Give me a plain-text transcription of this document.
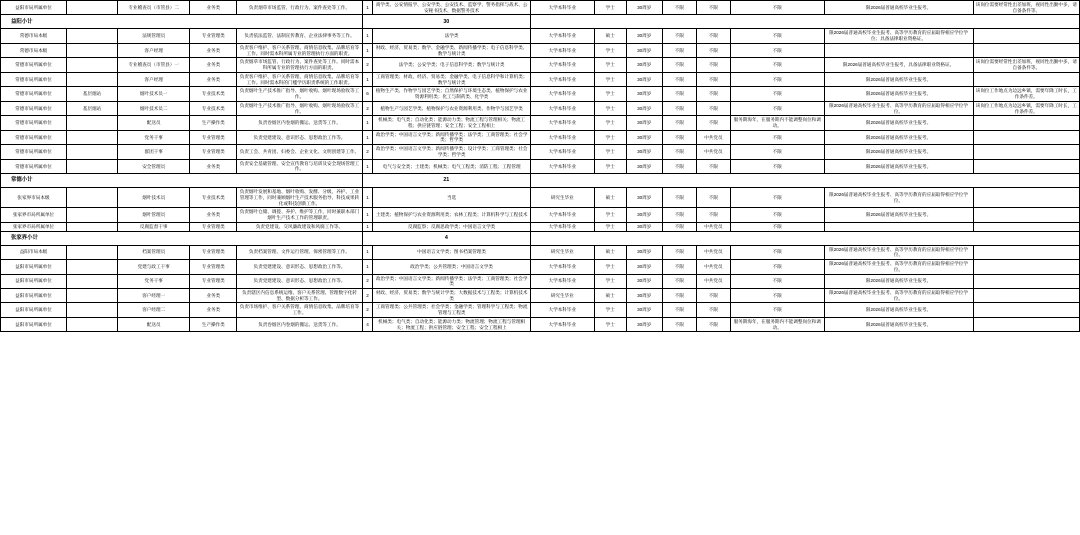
益阳市局所属单位		专业稽查员（市管县）二	业务类	负责烟草市场监管、行政行为、案件查处等工作。	1	商学类、公安情报学、公安学类、公安技术、监察学、警务指挥与战术、公安秘书技术、数据警务技术	大学本科毕业	学士	30周岁	不限	不限	不限	限2026届普通高校毕业生报考。	该岗位需要经常性出差加班，视同性出勤中多，请自备条件等。
益阳小计					30									
常德市局本级		法规管理员	专业管理类	负责依法监管、法制宣传教育、企业法律事务等工作。	1	法学类	大学本科毕业	硕士	30周岁	不限	不限	不限	限2026届普通高校毕业生报考、高等学历教育的应届取得相应学位学位；具备法律职业资格证。	
常德市局本级		客户经理	业务类	负责客户维护、客户关系管理、商情信息收集、品牌培育等工作。同时需本科所属专业的管理执行方面的职责。	1	财政、经济、贸易类；数学、金融学类、新闻传播学类；电子信息科学类、数学与统计类	大学本科毕业	学士	30周岁	不限	不限	不限		
常德市局所属单位		专业稽查员（市管县）一	业务类	负责烟草市场监管、行政行为、案件查处等工作。同时需本科所属专业的管理执行方面的职责。	2	法学类；公安学类；电子信息科学类；数学与统计类	大学本科毕业	学士	30周岁	不限	不限	不限	限2026届普通高校毕业生报考，具备法律职业资格证。	该岗位需要经常性出差加班，视同性出勤中多，请自备条件等。
常德市局所属单位		客户经理	业务类	负责客户维护、客户关系管理、商情信息收集、品牌培育等工作。同时需本科的门槛学历职责系统的工作职责。	1	工商管理类；材政、经济、贸易类；金融学类、电子信息科学和计算机类；数学与统计类	大学本科毕业	学士	30周岁	不限	不限	不限	限2026届普通高校毕业生报考。	
常德市局所属单位	基层烟站	烟叶技术员一	专业技术类	负责烟叶生产技术推广指导、烟叶收购、烟叶现场验收等工作。	6	植物生产类、作物学与园艺学类；自然保护与环境生态类、植物保护与农业资源利用类；化工与制药类、化学类	大学本科毕业	学士	30周岁	不限	不限	不限	限2026届普通高校毕业生报考。	该岗位工作地点为边远乡镇，需要年降工时长，工作条件差。
常德市局所属单位	基层烟站	烟叶技术员二	专业技术类	负责烟叶生产技术推广指导、烟叶收购、烟叶现场验收等工作。	2	植物生产与园艺学类、植物保护与农业资源利用类、作物学与园艺学类	大学本科毕业	学士	30周岁	不限	不限	不限	限2026届普通高校毕业生报考、高等学历教育的应届取得相应学位学位。	该岗位工作地点为边远乡镇，需要年降工时长，工作条件差。
常德市局所属单位		配送员	生产操作类	负责卷烟区内卷烟的搬运、送货等工作。	1	机械类；电气类；自动化类；能源动力类；物流工程与管理相关；物流工程；供应链管理；安全工程；安全工程相上	大学本科毕业	学士	30周岁	不限	不限	服务期海年，在服务期内不能调整岗位和调动。	限2026届普通高校毕业生报考。	
常德市局所属单位		党务干事	专业管理类	负责党建建设、意识形态、思想政治工作等。	1	政治学类；中国语言文学类；新闻传播学类；法学类；工商管理类；社会学类；哲学类	大学本科毕业	学士	30周岁	不限	中共党员	不限	限2026届普通高校毕业生报考。	
常德市局所属单位		群团干事	专业管理类	负责工会、共青团、妇委会、企业文化、文明创建等工作。	2	政治学类；中国语言文学类；新闻传播学类；设计学类；工商管理类；社会学类；哲学类	大学本科毕业	学士	30周岁	不限	中共党员	不限	限2026届普通高校毕业生报考。	
常德市局所属单位		安全管理员	业务类	负责安全基础管理、安全宣传教育与培训及安全现场管理工作。	1	电气与安全类；土建类；机械类；电气工程类；消防工程；工程管理	大学本科毕业	学士	30周岁	不限	不限	不限	限2026届普通高校毕业生报考。	
常德小计					21									
张家界市局本级		烟叶技术员	专业技术类	负责烟叶发展和基地、烟叶收购、发酵、分级、养护、工业管理等工作，同时兼顾烟叶生产技术服务指导、科技成果转化或科技创新工作。	1	当选	研究生毕业	硕士	30周岁	不限	不限	不限	限2026届普通高校毕业生报考、高等学历教育的应届取得相应学位学位。	
张家界市局所属单位		烟叶管理员	业务类	负责烟叶仓储、调拨、养护、维护等工作，同时兼职本部门烟叶生产技术工作的管理职责。	1	土建类；植物保护与农业资源利用类；农林工程类；计算机科学与工程技术	大学本科毕业	学士	30周岁	不限	不限	不限	限2026届普通高校毕业生报考。	
张家界市局所属单位		反腐监督干事	专业管理类	负责党建设、交风廉政建设和风腐工作等。	1	反腐监察；反腐思政学类；中国语言文学类	大学本科毕业	学士	30周岁	不限	中共党员	不限		
张家界小计					4									
益阳市局本级		档案管理员	专业管理类	负责档案管理、文件运行管理、保密管理等工作。	1	中国语言文学类；图书档案管理类	研究生毕业	硕士	30周岁	不限	中共党员	不限	限2026届普通高校毕业生报考、高等学历教育的应届取得相应学位学位。	
益阳市局所属单位		党建与政工干事	专业管理类	负责党建建设、意识形态、思想政治工作等。	1	政治学类；公共管理类；中国语言文学类	大学本科毕业	学士	30周岁	不限	中共党员	不限	限2026届普通高校毕业生报考、高等学历教育的应届取得相应学位学位。	
益阳市局所属单位		党务干事	专业管理类	负责党建建设、意识形态、思想政治工作等。	2	政治学类；中国语言文学类；新闻传播学类；法学类；工商管理类；社会学类	大学本科毕业	学士	30周岁	不限	中共党员	不限	限2026届普通高校毕业生报考。	
益阳市局所属单位		客户经理一	业务类	负责辖区内信息系统运维、客户关系管理、管理数字化转型、数据分析等工作。	2	材政、经济、贸易类；数学与统计学类；大数据技术与工程类；计算机技术类	研究生毕业	硕士	30周岁	不限	不限	不限	限2026届普通高校毕业生报考、高等学历教育的应届取得相应学位学位。	
益阳市局所属单位		客户经理二	业务类	负责市场维护、客户关系管理、商情信息收集、品牌培育等工作。	2	工商管理类；公共管理类；社会学类；金融学类；管理科学与工程类；物流管理与工程类	大学本科毕业	学士	30周岁	不限	不限	不限	限2026届普通高校毕业生报考。	
益阳市局所属单位		配送员	生产操作类	负责卷烟区内卷烟的搬运、送货等工作。	4	机械类；电气类；自动化类；能源动力类；物流管理；物流工程与管理相关；物流工程；供应链管理；安全工程；安全工程相上	大学本科毕业	学士	30周岁	不限	不限	服务期海年，在服务期内不能调整岗位和调动。	限2026届普通高校毕业生报考。	
